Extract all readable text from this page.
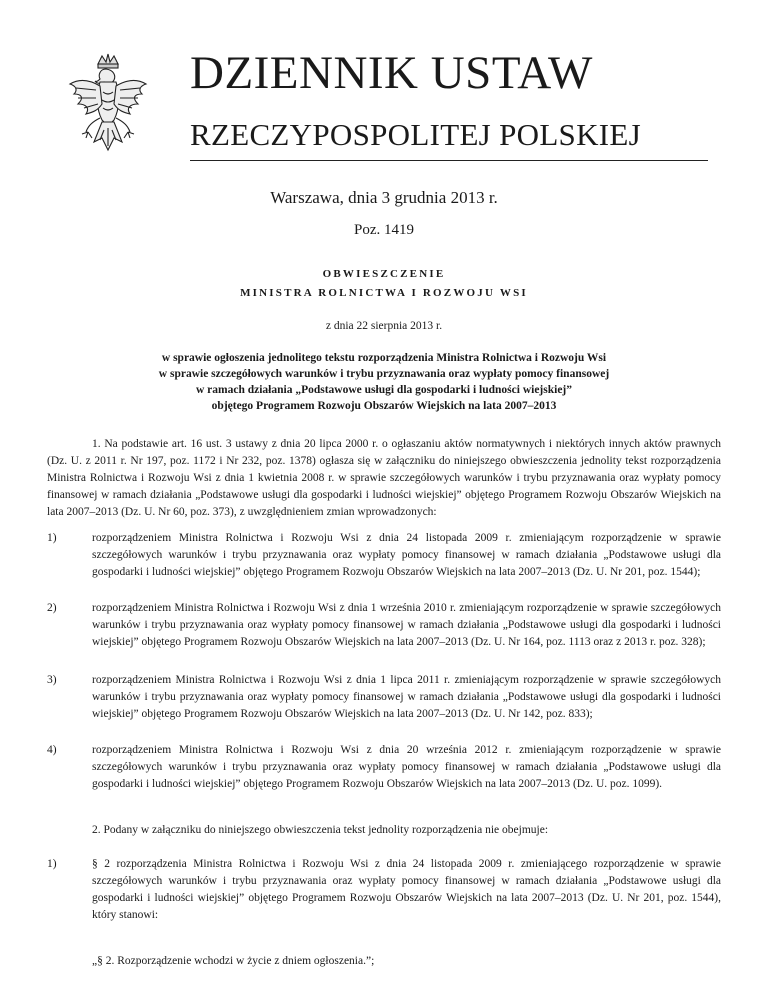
DZIENNIK USTAW
RZECZYPOSPOLITEJ POLSKIEJ
Warszawa, dnia 3 grudnia 2013 r.
Poz. 1419
OBWIESZCZENIE
MINISTRA ROLNICTWA I ROZWOJU WSI
z dnia 22 sierpnia 2013 r.
w sprawie ogłoszenia jednolitego tekstu rozporządzenia Ministra Rolnictwa i Rozwoju Wsi
w sprawie szczegółowych warunków i trybu przyznawania oraz wypłaty pomocy finansowej
w ramach działania „Podstawowe usługi dla gospodarki i ludności wiejskiej”
objętego Programem Rozwoju Obszarów Wiejskich na lata 2007–2013
1. Na podstawie art. 16 ust. 3 ustawy z dnia 20 lipca 2000 r. o ogłaszaniu aktów normatywnych i niektórych innych aktów prawnych (Dz. U. z 2011 r. Nr 197, poz. 1172 i Nr 232, poz. 1378) ogłasza się w załączniku do niniejszego obwieszczenia jednolity tekst rozporządzenia Ministra Rolnictwa i Rozwoju Wsi z dnia 1 kwietnia 2008 r. w sprawie szczegółowych warunków i trybu przyznawania oraz wypłaty pomocy finansowej w ramach działania „Podstawowe usługi dla gospodarki i ludności wiejskiej” objętego Programem Rozwoju Obszarów Wiejskich na lata 2007–2013 (Dz. U. Nr 60, poz. 373), z uwzględnieniem zmian wprowadzonych:
1)	rozporządzeniem Ministra Rolnictwa i Rozwoju Wsi z dnia 24 listopada 2009 r. zmieniającym rozporządzenie w sprawie szczegółowych warunków i trybu przyznawania oraz wypłaty pomocy finansowej w ramach działania „Podstawowe usługi dla gospodarki i ludności wiejskiej” objętego Programem Rozwoju Obszarów Wiejskich na lata 2007–2013 (Dz. U. Nr 201, poz. 1544);
2)	rozporządzeniem Ministra Rolnictwa i Rozwoju Wsi z dnia 1 września 2010 r. zmieniającym rozporządzenie w sprawie szczegółowych warunków i trybu przyznawania oraz wypłaty pomocy finansowej w ramach działania „Podstawowe usługi dla gospodarki i ludności wiejskiej” objętego Programem Rozwoju Obszarów Wiejskich na lata 2007–2013 (Dz. U. Nr 164, poz. 1113 oraz z 2013 r. poz. 328);
3)	rozporządzeniem Ministra Rolnictwa i Rozwoju Wsi z dnia 1 lipca 2011 r. zmieniającym rozporządzenie w sprawie szczegółowych warunków i trybu przyznawania oraz wypłaty pomocy finansowej w ramach działania „Podstawowe usługi dla gospodarki i ludności wiejskiej” objętego Programem Rozwoju Obszarów Wiejskich na lata 2007–2013 (Dz. U. Nr 142, poz. 833);
4)	rozporządzeniem Ministra Rolnictwa i Rozwoju Wsi z dnia 20 września 2012 r. zmieniającym rozporządzenie w sprawie szczegółowych warunków i trybu przyznawania oraz wypłaty pomocy finansowej w ramach działania „Podstawowe usługi dla gospodarki i ludności wiejskiej” objętego Programem Rozwoju Obszarów Wiejskich na lata 2007–2013 (Dz. U. poz. 1099).
2. Podany w załączniku do niniejszego obwieszczenia tekst jednolity rozporządzenia nie obejmuje:
1)	§ 2 rozporządzenia Ministra Rolnictwa i Rozwoju Wsi z dnia 24 listopada 2009 r. zmieniającego rozporządzenie w sprawie szczegółowych warunków i trybu przyznawania oraz wypłaty pomocy finansowej w ramach działania „Podstawowe usługi dla gospodarki i ludności wiejskiej” objętego Programem Rozwoju Obszarów Wiejskich na lata 2007–2013 (Dz. U. Nr 201, poz. 1544), który stanowi:
„§ 2. Rozporządzenie wchodzi w życie z dniem ogłoszenia.”;
